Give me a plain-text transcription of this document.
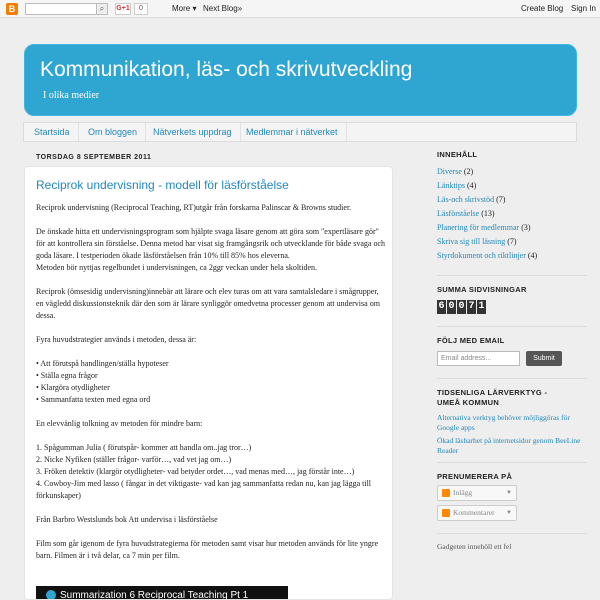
B	⌕	G+1	0	More ▾ Next Blog»	Create Blog Sign In
Kommunikation, läs- och skrivutveckling
I olika medier
Startsida	Om bloggen	Nätverkets uppdrag	Medlemmar i nätverket
TORSDAG 8 SEPTEMBER 2011
Reciprok undervisning - modell för läsförståelse

Reciprok undervisning (Reciprocal Teaching, RT)utgår från forskarna Palinscar & Browns studier.

De önskade hitta ett undervisningsprogram som hjälpte svaga läsare genom att göra som "expertläsare gör" för att kontrollera sin förståelse. Denna metod har visat sig framgångsrik och utvecklande för både svaga och goda läsare. I testperioden ökade läsförståelsen från 10% till 85% hos eleverna.

Metoden bör nyttjas regelbundet i undervisningen, ca 2ggr veckan under hela skoltiden.

Reciprok (ömsesidig undervisning)innebär att lärare och elev turas om att vara samtalsledare i smågrupper, en vägledd diskussionsteknik där den som är lärare synliggör omedvetna processer genom att undervisa om dessa.

Fyra huvudstrategier används i metoden, dessa är:

• Att förutspå handlingen/ställa hypoteser
• Ställa egna frågor
• Klargöra otydligheter
• Sammanfatta texten med egna ord

En elevvänlig tolkning av metoden för mindre barn:

1. Spågumman Julia ( förutspår- kommer att handla om..jag tror…)
2. Nicke Nyfiken (ställer frågor- varför…, vad vet jag om…)
3. Fröken detektiv (klargör otydligheter- vad betyder ordet…, vad menas med…, jag förstår inte…)
4. Cowboy-Jim med lasso ( fångar in det viktigaste- vad kan jag sammanfatta redan nu, kan jag lägga till förkunskaper)

Från Barbro Westslunds bok Att undervisa i läsförståelse

Film som går igenom de fyra huvudstrategierna för metoden samt visar hur metoden används för lite yngre barn. Filmen är i två delar, ca 7 min per film.

Summarization 6 Reciprocal Teaching Pt 1
INNEHÅLL
Diverse (2)
Länktips (4)
Läs-och skrivstöd (7)
Läsförståelse (13)
Planering för medlemmar (3)
Skriva sig till läsning (7)
Styrdokument och riktlinjer (4)
SUMMA SIDVISNINGAR
6 0 0 7 1
FÖLJ MED EMAIL
Email address...	Submit
TIDSENLIGA LÄRVERKTYG - UMEÅ KOMMUN
Alternativa verktyg behöver möjliggöras för Google apps
Ökad läsbarhet på internetsidor genom BeeLine Reader
PRENUMERERA PÅ
Inlägg	▼
Kommentarer ▼
Gadgeten innehöll ett fel
